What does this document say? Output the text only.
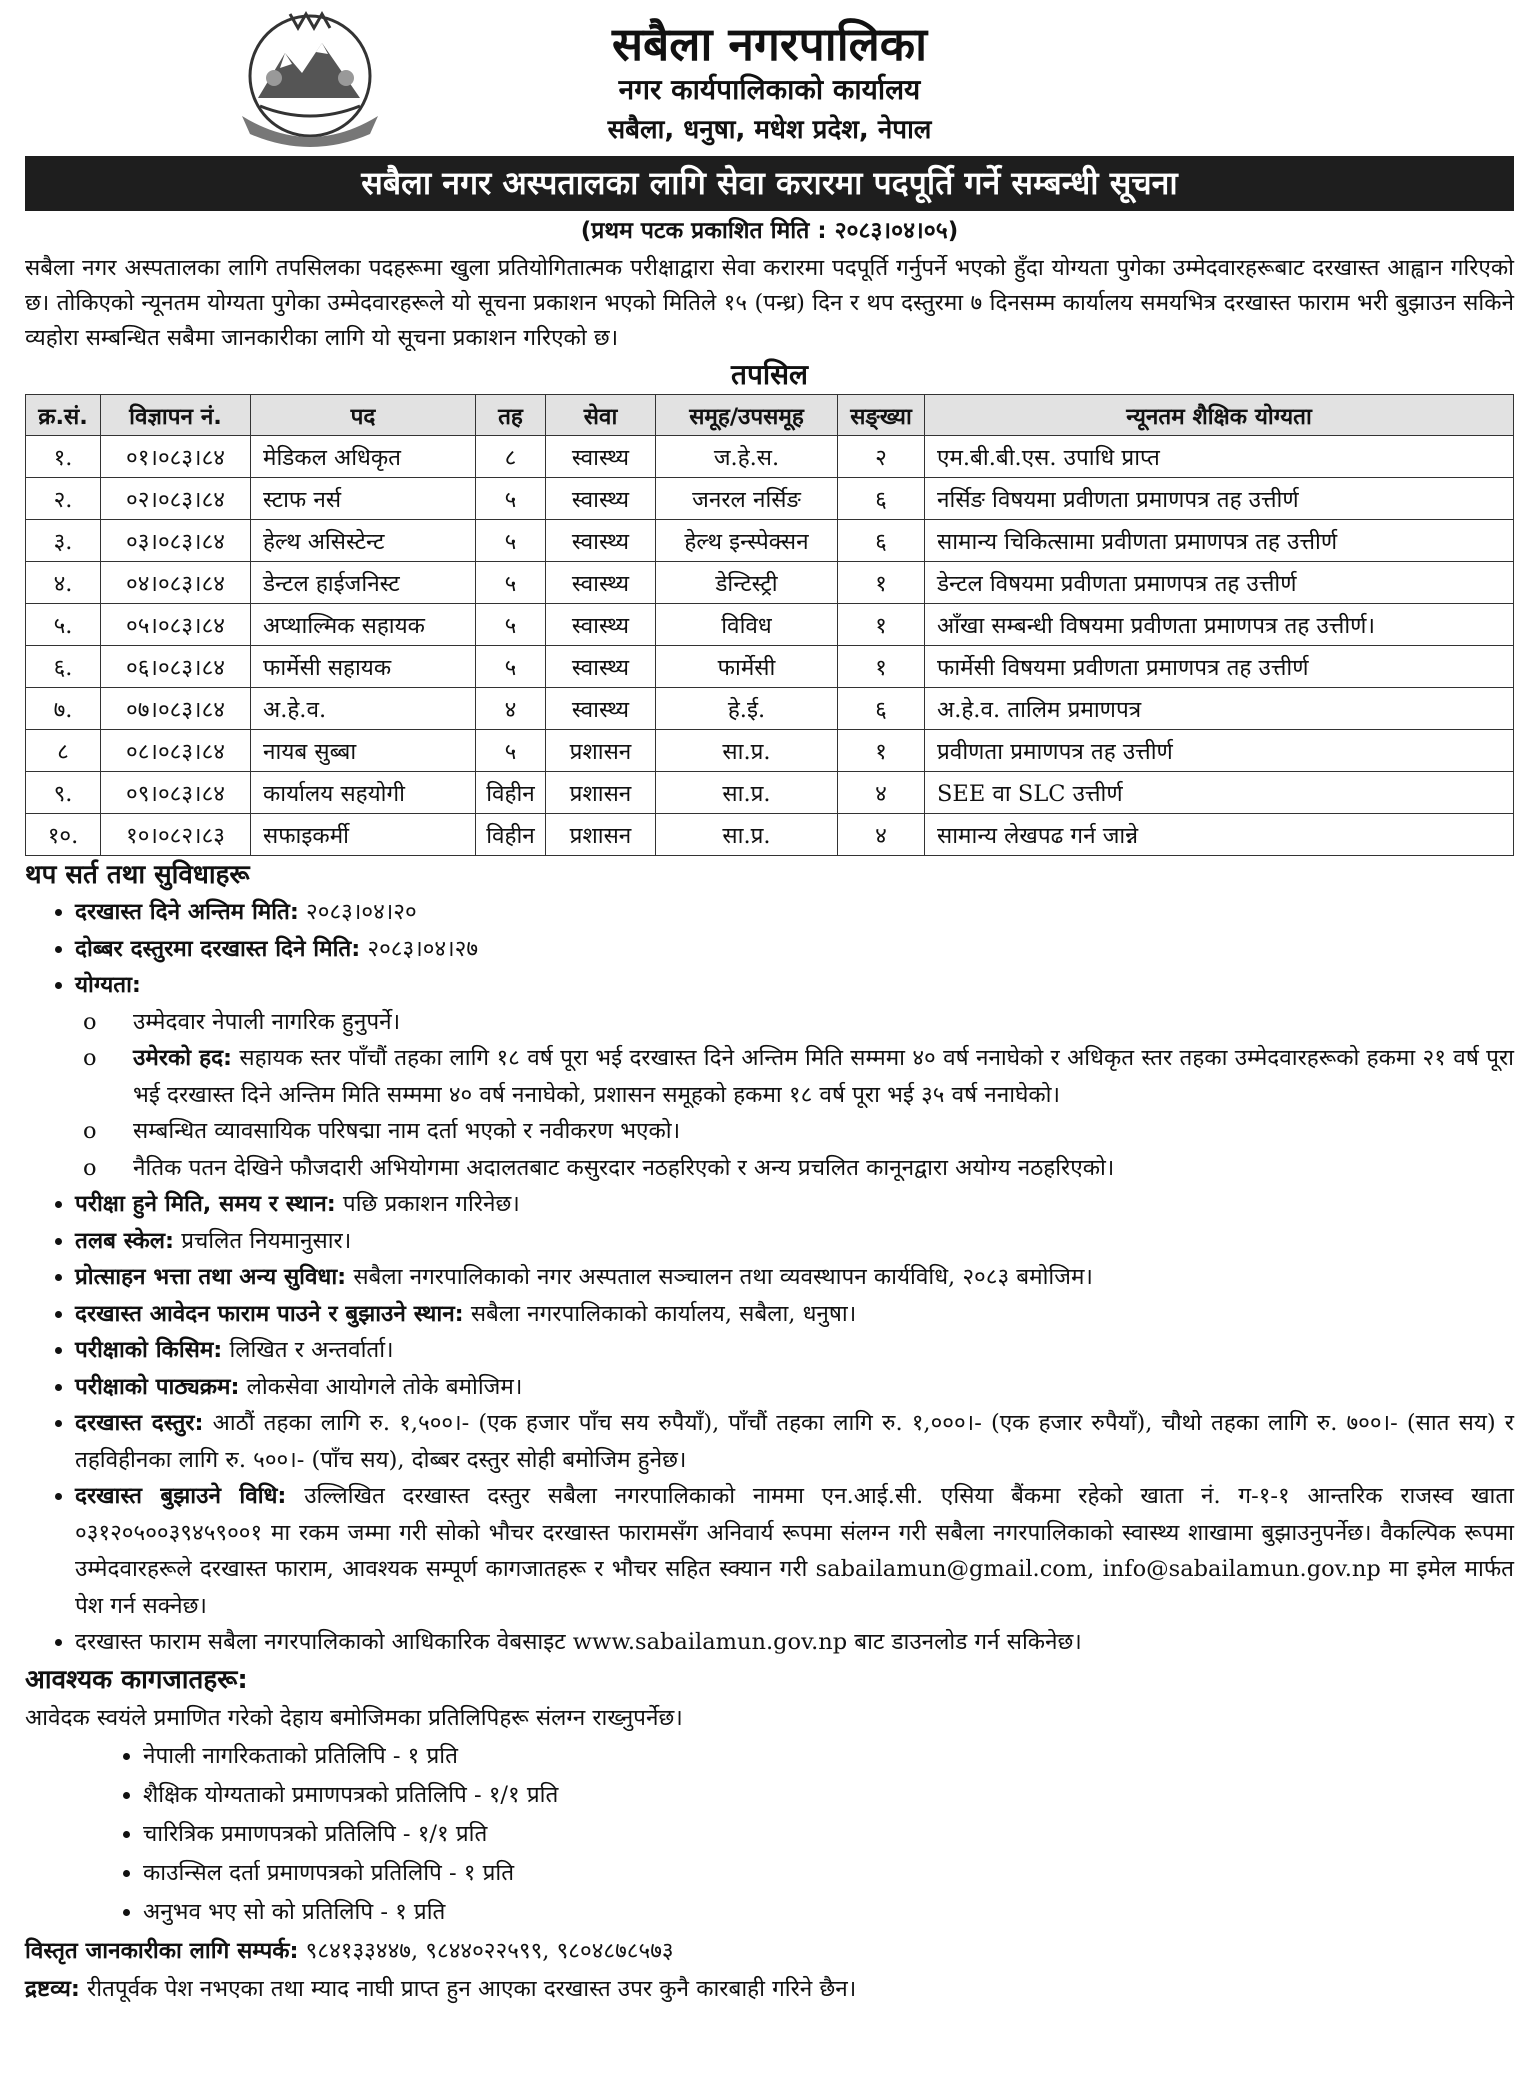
सबैला नगरपालिका
नगर कार्यपालिकाको कार्यालय
सबैला, धनुषा, मधेश प्रदेश, नेपाल
सबैला नगर अस्पतालका लागि सेवा करारमा पदपूर्ति गर्ने सम्बन्धी सूचना
(प्रथम पटक प्रकाशित मिति : २०८३।०४।०५)
सबैला नगर अस्पतालका लागि तपसिलका पदहरूमा खुला प्रतियोगितात्मक परीक्षाद्वारा सेवा करारमा पदपूर्ति गर्नुपर्ने भएको हुँदा योग्यता पुगेका उम्मेदवारहरूबाट दरखास्त आह्वान गरिएको छ। तोकिएको न्यूनतम योग्यता पुगेका उम्मेदवारहरूले यो सूचना प्रकाशन भएको मितिले १५ (पन्ध्र) दिन र थप दस्तुरमा ७ दिनसम्म कार्यालय समयभित्र दरखास्त फाराम भरी बुझाउन सकिने व्यहोरा सम्बन्धित सबैमा जानकारीका लागि यो सूचना प्रकाशन गरिएको छ।
तपसिल
क्र.सं.	विज्ञापन नं.	पद	तह	सेवा	समूह/उपसमूह	सङ्ख्या	न्यूनतम शैक्षिक योग्यता
१.	०१।०८३।८४	मेडिकल अधिकृत	८	स्वास्थ्य	ज.हे.स.	२	एम.बी.बी.एस. उपाधि प्राप्त
२.	०२।०८३।८४	स्टाफ नर्स	५	स्वास्थ्य	जनरल नर्सिङ	६	नर्सिङ विषयमा प्रवीणता प्रमाणपत्र तह उत्तीर्ण
३.	०३।०८३।८४	हेल्थ असिस्टेन्ट	५	स्वास्थ्य	हेल्थ इन्स्पेक्सन	६	सामान्य चिकित्सामा प्रवीणता प्रमाणपत्र तह उत्तीर्ण
४.	०४।०८३।८४	डेन्टल हाईजनिस्ट	५	स्वास्थ्य	डेन्टिस्ट्री	१	डेन्टल विषयमा प्रवीणता प्रमाणपत्र तह उत्तीर्ण
५.	०५।०८३।८४	अप्थाल्मिक सहायक	५	स्वास्थ्य	विविध	१	आँखा सम्बन्धी विषयमा प्रवीणता प्रमाणपत्र तह उत्तीर्ण।
६.	०६।०८३।८४	फार्मेसी सहायक	५	स्वास्थ्य	फार्मेसी	१	फार्मेसी विषयमा प्रवीणता प्रमाणपत्र तह उत्तीर्ण
७.	०७।०८३।८४	अ.हे.व.	४	स्वास्थ्य	हे.ई.	६	अ.हे.व. तालिम प्रमाणपत्र
८	०८।०८३।८४	नायब सुब्बा	५	प्रशासन	सा.प्र.	१	प्रवीणता प्रमाणपत्र तह उत्तीर्ण
९.	०९।०८३।८४	कार्यालय सहयोगी	विहीन	प्रशासन	सा.प्र.	४	SEE वा SLC उत्तीर्ण
१०.	१०।०८२।८३	सफाइकर्मी	विहीन	प्रशासन	सा.प्र.	४	सामान्य लेखपढ गर्न जान्ने
थप सर्त तथा सुविधाहरू
• दरखास्त दिने अन्तिम मिति: २०८३।०४।२०
• दोब्बर दस्तुरमा दरखास्त दिने मिति: २०८३।०४।२७
• योग्यता:
o उम्मेदवार नेपाली नागरिक हुनुपर्ने।
o उमेरको हद: सहायक स्तर पाँचौं तहका लागि १८ वर्ष पूरा भई दरखास्त दिने अन्तिम मिति सम्ममा ४० वर्ष ननाघेको र अधिकृत स्तर तहका उम्मेदवारहरूको हकमा २१ वर्ष पूरा भई दरखास्त दिने अन्तिम मिति सम्ममा ४० वर्ष ननाघेको, प्रशासन समूहको हकमा १८ वर्ष पूरा भई ३५ वर्ष ननाघेको।
o सम्बन्धित व्यावसायिक परिषद्मा नाम दर्ता भएको र नवीकरण भएको।
o नैतिक पतन देखिने फौजदारी अभियोगमा अदालतबाट कसुरदार नठहरिएको र अन्य प्रचलित कानूनद्वारा अयोग्य नठहरिएको।
• परीक्षा हुने मिति, समय र स्थान: पछि प्रकाशन गरिनेछ।
• तलब स्केल: प्रचलित नियमानुसार।
• प्रोत्साहन भत्ता तथा अन्य सुविधा: सबैला नगरपालिकाको नगर अस्पताल सञ्चालन तथा व्यवस्थापन कार्यविधि, २०८३ बमोजिम।
• दरखास्त आवेदन फाराम पाउने र बुझाउने स्थान: सबैला नगरपालिकाको कार्यालय, सबैला, धनुषा।
• परीक्षाको किसिम: लिखित र अन्तर्वार्ता।
• परीक्षाको पाठ्यक्रम: लोकसेवा आयोगले तोके बमोजिम।
• दरखास्त दस्तुर: आठौं तहका लागि रु. १,५००।- (एक हजार पाँच सय रुपैयाँ), पाँचौं तहका लागि रु. १,०००।- (एक हजार रुपैयाँ), चौथो तहका लागि रु. ७००।- (सात सय) र तहविहीनका लागि रु. ५००।- (पाँच सय), दोब्बर दस्तुर सोही बमोजिम हुनेछ।
• दरखास्त बुझाउने विधि: उल्लिखित दरखास्त दस्तुर सबैला नगरपालिकाको नाममा एन.आई.सी. एसिया बैंकमा रहेको खाता नं. ग-१-१ आन्तरिक राजस्व खाता ०३१२०५००३९४५९००१ मा रकम जम्मा गरी सोको भौचर दरखास्त फारामसँग अनिवार्य रूपमा संलग्न गरी सबैला नगरपालिकाको स्वास्थ्य शाखामा बुझाउनुपर्नेछ। वैकल्पिक रूपमा उम्मेदवारहरूले दरखास्त फाराम, आवश्यक सम्पूर्ण कागजातहरू र भौचर सहित स्क्यान गरी sabailamun@gmail.com, info@sabailamun.gov.np मा इमेल मार्फत पेश गर्न सक्नेछ।
• दरखास्त फाराम सबैला नगरपालिकाको आधिकारिक वेबसाइट www.sabailamun.gov.np बाट डाउनलोड गर्न सकिनेछ।
आवश्यक कागजातहरू:
आवेदक स्वयंले प्रमाणित गरेको देहाय बमोजिमका प्रतिलिपिहरू संलग्न राख्नुपर्नेछ।
• नेपाली नागरिकताको प्रतिलिपि - १ प्रति
• शैक्षिक योग्यताको प्रमाणपत्रको प्रतिलिपि - १/१ प्रति
• चारित्रिक प्रमाणपत्रको प्रतिलिपि - १/१ प्रति
• काउन्सिल दर्ता प्रमाणपत्रको प्रतिलिपि - १ प्रति
• अनुभव भए सो को प्रतिलिपि - १ प्रति
विस्तृत जानकारीका लागि सम्पर्क: ९८४१३३४४७, ९८४४०२२५९९, ९८०४८७८५७३
द्रष्टव्य: रीतपूर्वक पेश नभएका तथा म्याद नाघी प्राप्त हुन आएका दरखास्त उपर कुनै कारबाही गरिने छैन।
